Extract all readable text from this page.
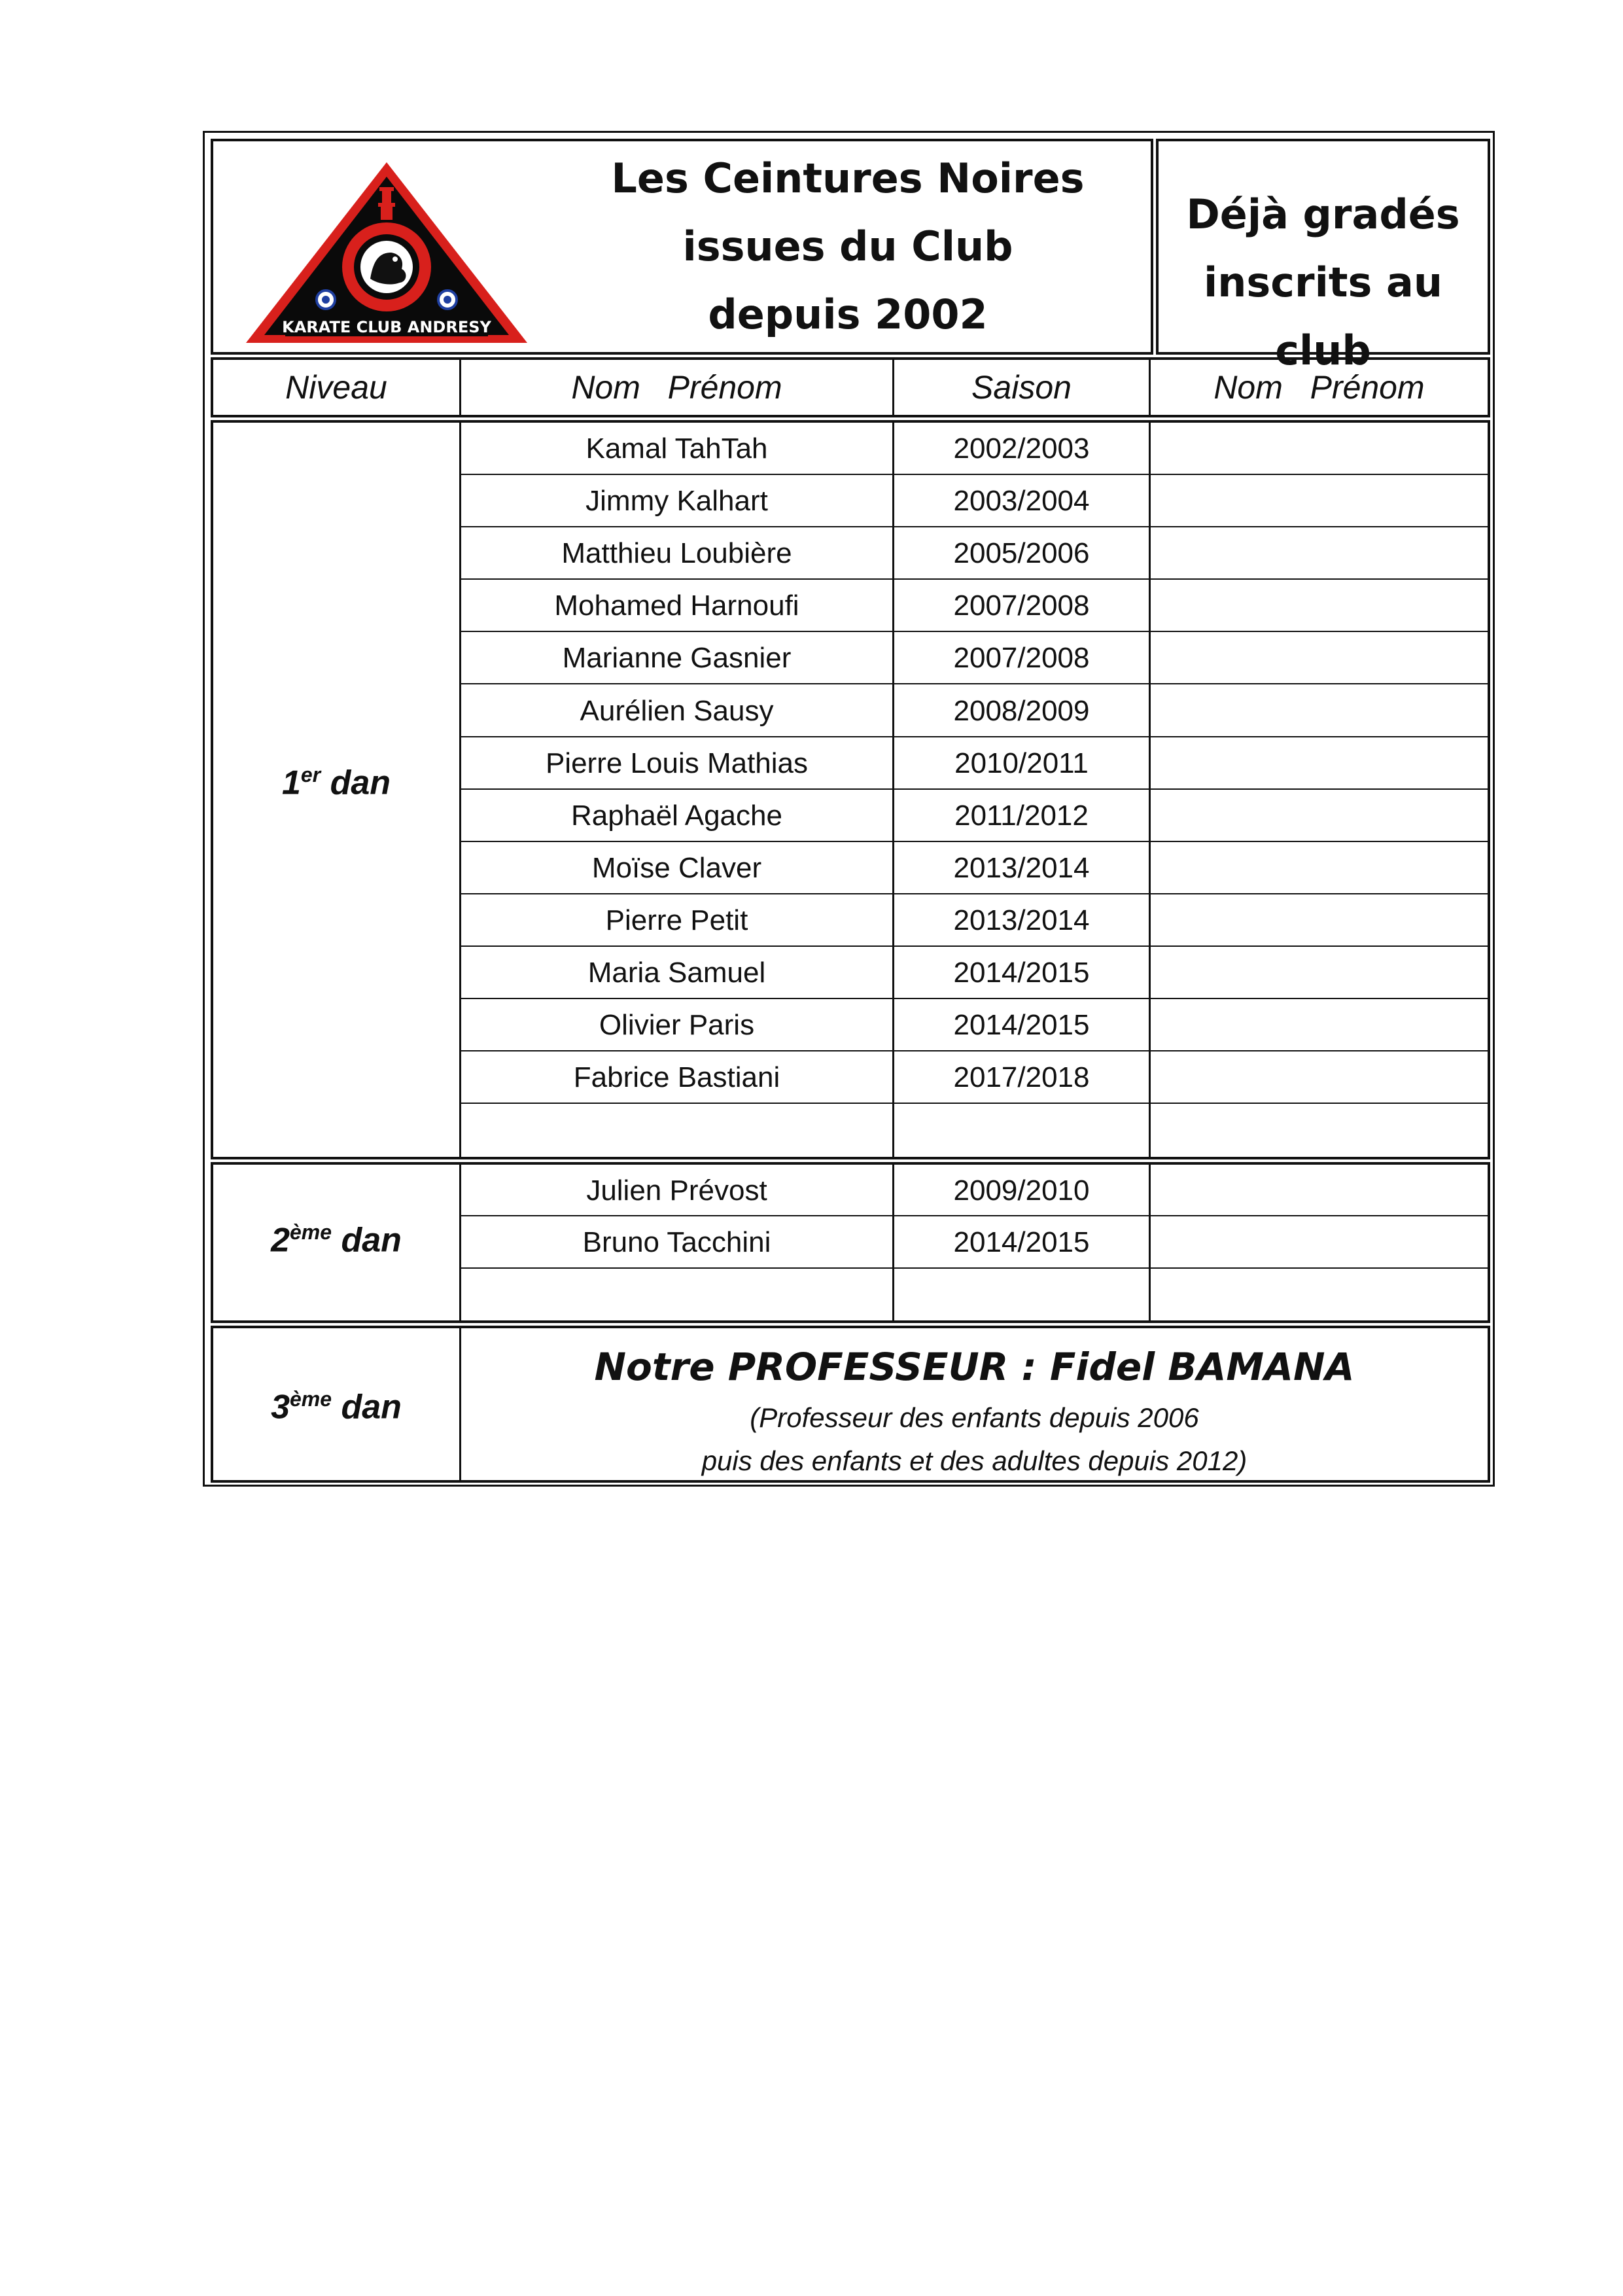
KARATE CLUB ANDRESY
Les Ceintures Noires
issues du Club
depuis 2002
Déjà gradés
inscrits au club
Niveau	Nom   Prénom	Saison	Nom   Prénom
1er dan
Kamal TahTah	2002/2003
Jimmy Kalhart	2003/2004
Matthieu Loubière	2005/2006
Mohamed Harnoufi	2007/2008
Marianne Gasnier	2007/2008
Aurélien Sausy	2008/2009
Pierre Louis Mathias	2010/2011
Raphaël Agache	2011/2012
Moïse Claver	2013/2014
Pierre Petit	2013/2014
Maria Samuel	2014/2015
Olivier Paris	2014/2015
Fabrice Bastiani	2017/2018
2ème dan
Julien Prévost	2009/2010
Bruno Tacchini	2014/2015
3ème dan
Notre PROFESSEUR : Fidel BAMANA
(Professeur des enfants depuis 2006
puis des enfants et des adultes depuis 2012)
